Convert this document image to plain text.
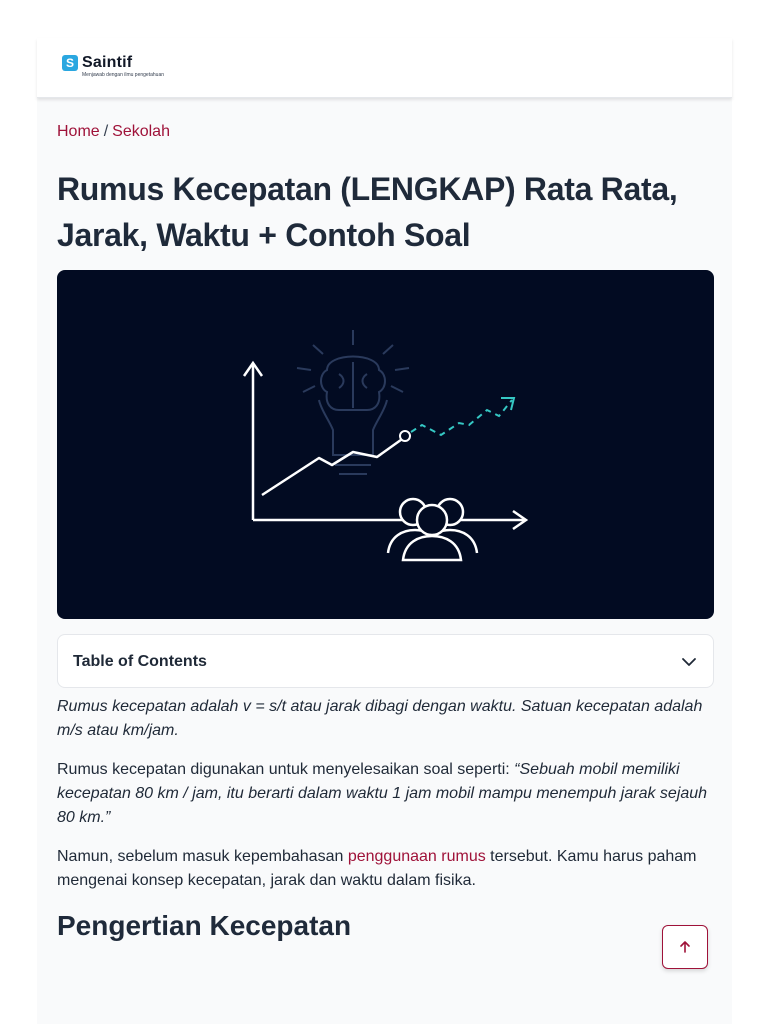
S Saintif
Menjawab dengan ilmu pengetahuan
Home / Sekolah
Rumus Kecepatan (LENGKAP) Rata Rata, Jarak, Waktu + Contoh Soal
Table of Contents

Rumus kecepatan adalah v = s/t atau jarak dibagi dengan waktu. Satuan kecepatan adalah m/s atau km/jam.

Rumus kecepatan digunakan untuk menyelesaikan soal seperti: “Sebuah mobil memiliki kecepatan 80 km / jam, itu berarti dalam waktu 1 jam mobil mampu menempuh jarak sejauh 80 km.”

Namun, sebelum masuk kepembahasan penggunaan rumus tersebut. Kamu harus paham mengenai konsep kecepatan, jarak dan waktu dalam fisika.

Pengertian Kecepatan
